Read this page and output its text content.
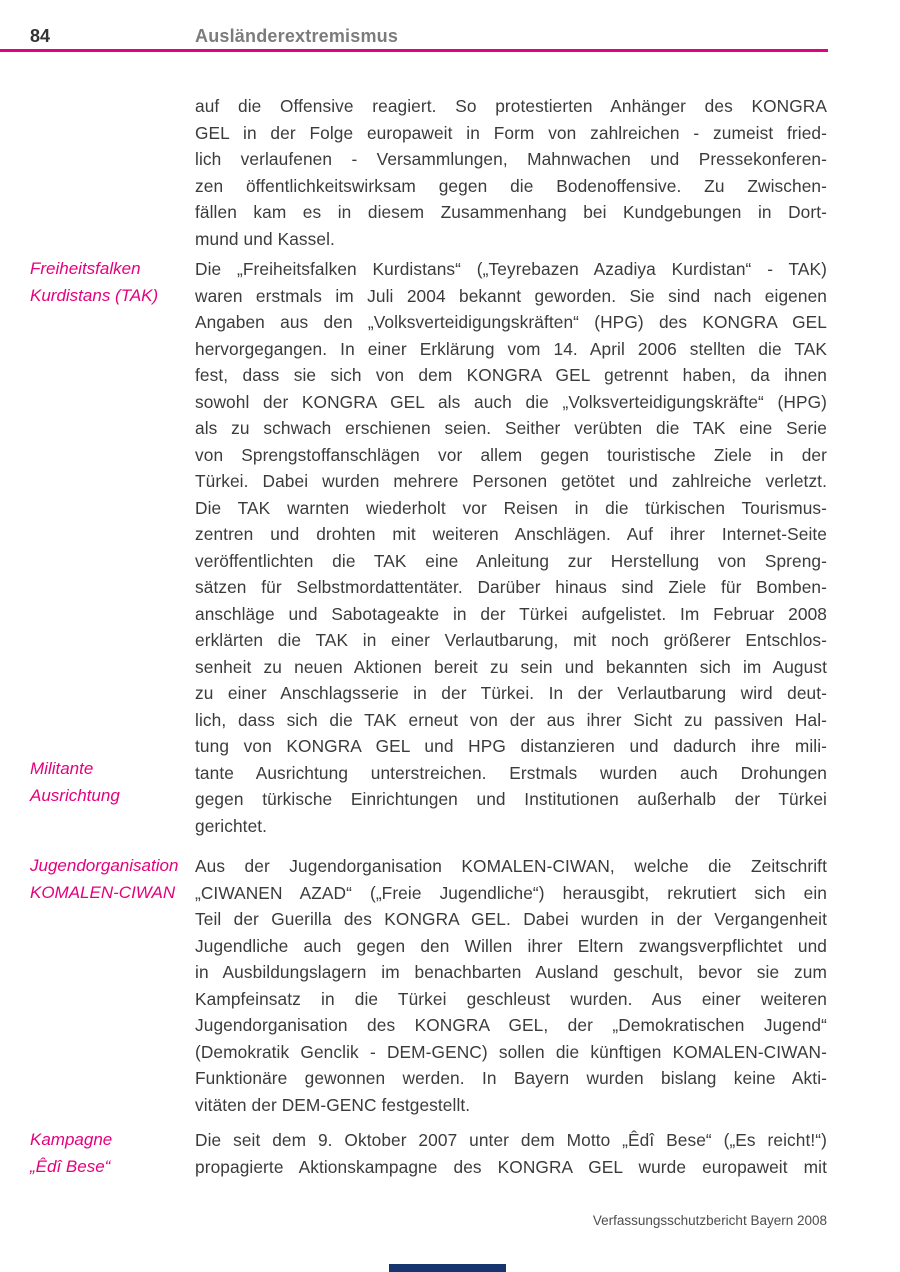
84	Ausländerextremismus
Freiheitsfalken
Kurdistans (TAK)
Militante
Ausrichtung
Jugendorganisation
KOMALEN-CIWAN
Kampagne
„Êdî Bese“
auf die Offensive reagiert. So protestierten Anhänger des KONGRA
GEL in der Folge europaweit in Form von zahlreichen - zumeist fried-
lich verlaufenen - Versammlungen, Mahnwachen und Pressekonferen-
zen öffentlichkeitswirksam gegen die Bodenoffensive. Zu Zwischen-
fällen kam es in diesem Zusammenhang bei Kundgebungen in Dort-
mund und Kassel.
Die „Freiheitsfalken Kurdistans“ („Teyrebazen Azadiya Kurdistan“ - TAK)
waren erstmals im Juli 2004 bekannt geworden. Sie sind nach eigenen
Angaben aus den „Volksverteidigungskräften“ (HPG) des KONGRA GEL
hervorgegangen. In einer Erklärung vom 14. April 2006 stellten die TAK
fest, dass sie sich von dem KONGRA GEL getrennt haben, da ihnen
sowohl der KONGRA GEL als auch die „Volksverteidigungskräfte“ (HPG)
als zu schwach erschienen seien. Seither verübten die TAK eine Serie
von Sprengstoffanschlägen vor allem gegen touristische Ziele in der
Türkei. Dabei wurden mehrere Personen getötet und zahlreiche verletzt.
Die TAK warnten wiederholt vor Reisen in die türkischen Tourismus-
zentren und drohten mit weiteren Anschlägen. Auf ihrer Internet-Seite
veröffentlichten die TAK eine Anleitung zur Herstellung von Spreng-
sätzen für Selbstmordattentäter. Darüber hinaus sind Ziele für Bomben-
anschläge und Sabotageakte in der Türkei aufgelistet. Im Februar 2008
erklärten die TAK in einer Verlautbarung, mit noch größerer Entschlos-
senheit zu neuen Aktionen bereit zu sein und bekannten sich im August
zu einer Anschlagsserie in der Türkei. In der Verlautbarung wird deut-
lich, dass sich die TAK erneut von der aus ihrer Sicht zu passiven Hal-
tung von KONGRA GEL und HPG distanzieren und dadurch ihre mili-
tante Ausrichtung unterstreichen. Erstmals wurden auch Drohungen
gegen türkische Einrichtungen und Institutionen außerhalb der Türkei
gerichtet.
Aus der Jugendorganisation KOMALEN-CIWAN, welche die Zeitschrift
„CIWANEN AZAD“ („Freie Jugendliche“) herausgibt, rekrutiert sich ein
Teil der Guerilla des KONGRA GEL. Dabei wurden in der Vergangenheit
Jugendliche auch gegen den Willen ihrer Eltern zwangsverpflichtet und
in Ausbildungslagern im benachbarten Ausland geschult, bevor sie zum
Kampfeinsatz in die Türkei geschleust wurden. Aus einer weiteren
Jugendorganisation des KONGRA GEL, der „Demokratischen Jugend“
(Demokratik Genclik - DEM-GENC) sollen die künftigen KOMALEN-CIWAN-
Funktionäre gewonnen werden. In Bayern wurden bislang keine Akti-
vitäten der DEM-GENC festgestellt.
Die seit dem 9. Oktober 2007 unter dem Motto „Êdî Bese“ („Es reicht!“)
propagierte Aktionskampagne des KONGRA GEL wurde europaweit mit
Verfassungsschutzbericht Bayern 2008
